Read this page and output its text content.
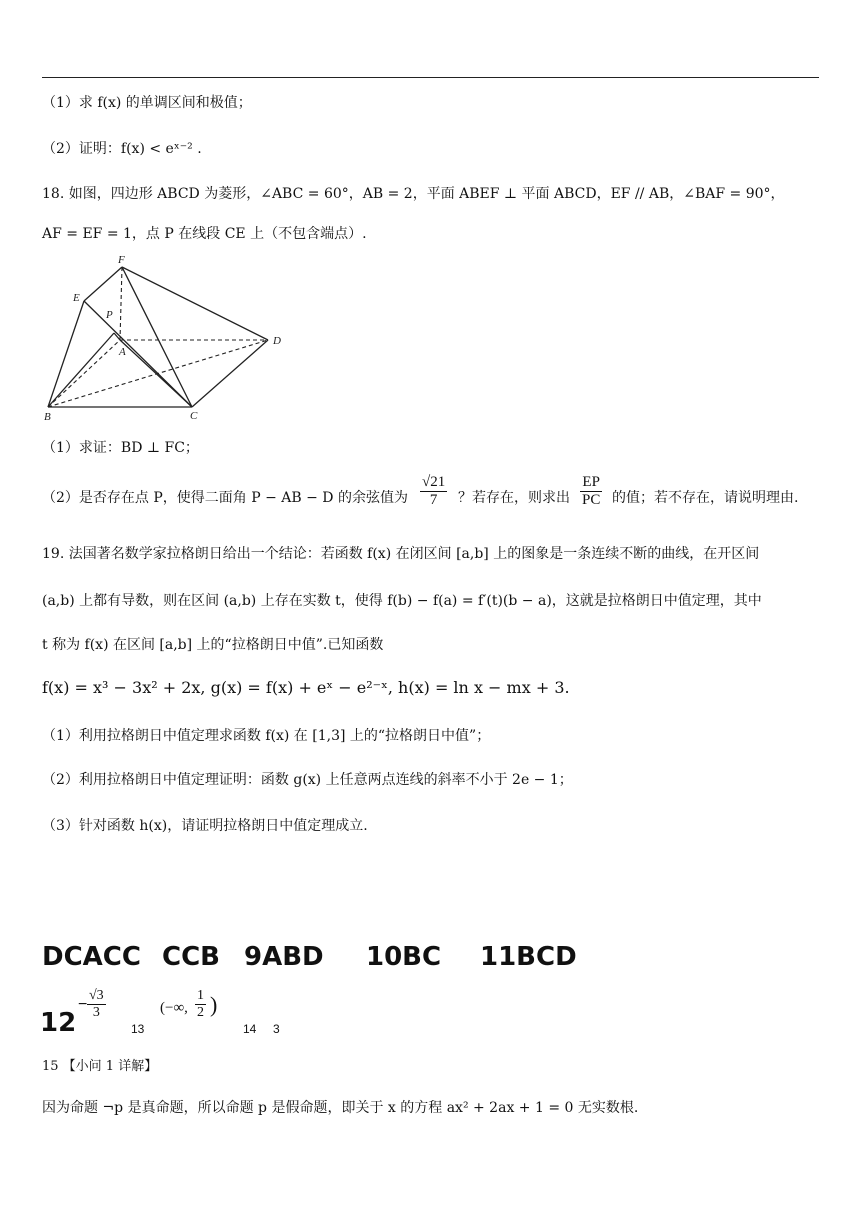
（1）求 f(x) 的单调区间和极值；
（2）证明：f(x) < eˣ⁻² .
18. 如图，四边形 ABCD 为菱形，∠ABC = 60°，AB = 2，平面 ABEF ⊥ 平面 ABCD，EF // AB，∠BAF = 90°，
AF = EF = 1，点 P 在线段 CE 上（不包含端点）.
F
E
P
A
D
B	C
（1）求证：BD ⊥ FC；
（2）是否存在点 P，使得二面角 P − AB − D 的余弦值为 $\frac{√21}{7}$ ？若存在，则求出 $\frac{EP}{PC}$ 的值；若不存在，请说明理由.
19. 法国著名数学家拉格朗日给出一个结论：若函数 f(x) 在闭区间 [a,b] 上的图象是一条连续不断的曲线，在开区间
(a,b) 上都有导数，则在区间 (a,b) 上存在实数 t，使得 f(b) − f(a) = f′(t)(b − a)，这就是拉格朗日中值定理，其中
t 称为 f(x) 在区间 [a,b] 上的“拉格朗日中值”.已知函数
f(x) = x³ − 3x² + 2x, g(x) = f(x) + eˣ − e²⁻ˣ, h(x) = ln x − mx + 3.
（1）利用拉格朗日中值定理求函数 f(x) 在 [1,3] 上的“拉格朗日中值”；
（2）利用拉格朗日中值定理证明：函数 g(x) 上任意两点连线的斜率不小于 2e − 1；
（3）针对函数 h(x)，请证明拉格朗日中值定理成立.
DCACC CCB 9ABD 10BC 11BCD
12
− $\frac{√3}{3}$
13
(−∞, $\frac{1}{2}$ )
14 3
15 【小问 1 详解】
因为命题 ¬p 是真命题，所以命题 p 是假命题，即关于 x 的方程 ax² + 2ax + 1 = 0 无实数根.
